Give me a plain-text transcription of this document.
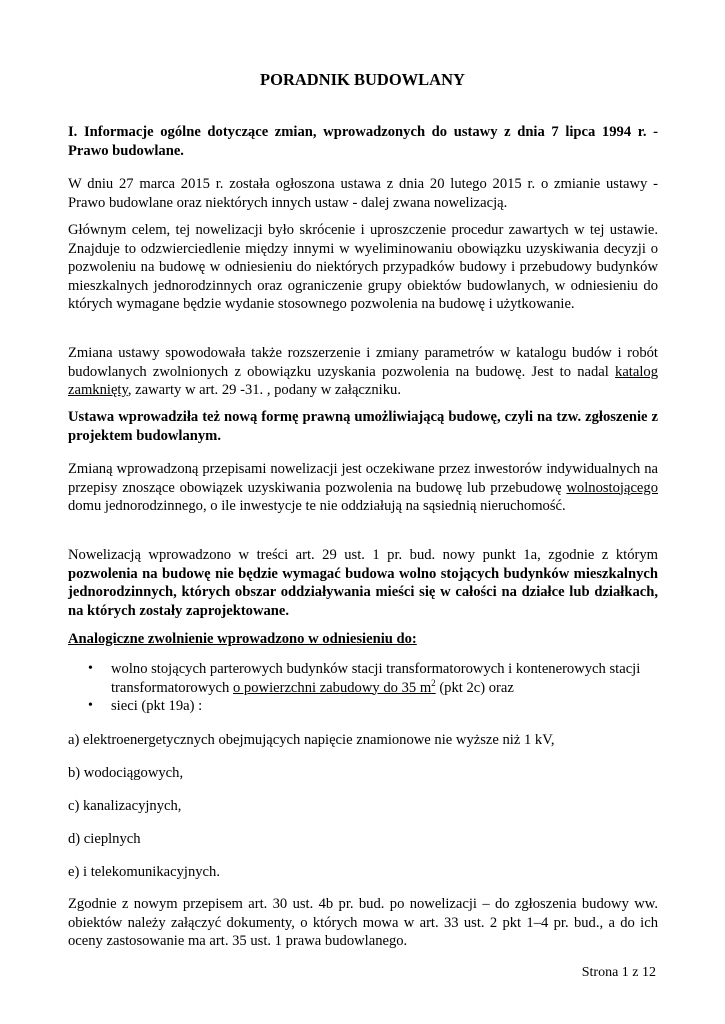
PORADNIK BUDOWLANY

I. Informacje ogólne dotyczące zmian, wprowadzonych do ustawy z dnia 7 lipca 1994 r. - Prawo budowlane.

W dniu 27 marca 2015 r. została ogłoszona ustawa z dnia 20 lutego 2015 r. o zmianie ustawy - Prawo budowlane oraz niektórych innych ustaw - dalej zwana nowelizacją.

Głównym celem, tej nowelizacji było skrócenie i uproszczenie procedur zawartych w tej ustawie. Znajduje to odzwierciedlenie między innymi w wyeliminowaniu obowiązku uzyskiwania decyzji o pozwoleniu na budowę w odniesieniu do niektórych przypadków budowy i przebudowy budynków mieszkalnych jednorodzinnych oraz ograniczenie grupy obiektów budowlanych, w odniesieniu do których wymagane będzie wydanie stosownego pozwolenia na budowę i użytkowanie.

Zmiana ustawy spowodowała także rozszerzenie i zmiany parametrów w katalogu budów i robót budowlanych zwolnionych z obowiązku uzyskania pozwolenia na budowę. Jest to nadal katalog zamknięty, zawarty w art. 29 -31. , podany w załączniku.

Ustawa wprowadziła też nową formę prawną umożliwiającą budowę, czyli na tzw. zgłoszenie z projektem budowlanym.

Zmianą wprowadzoną przepisami nowelizacji jest oczekiwane przez inwestorów indywidualnych na przepisy znoszące obowiązek uzyskiwania pozwolenia na budowę lub przebudowę wolnostojącego domu jednorodzinnego, o ile inwestycje te nie oddziałują na sąsiednią nieruchomość.

Nowelizacją wprowadzono w treści art. 29 ust. 1 pr. bud. nowy punkt 1a, zgodnie z którym pozwolenia na budowę nie będzie wymagać budowa wolno stojących budynków mieszkalnych jednorodzinnych, których obszar oddziaływania mieści się w całości na działce lub działkach, na których zostały zaprojektowane.

Analogiczne zwolnienie wprowadzono w odniesieniu do:

• wolno stojących parterowych budynków stacji transformatorowych i kontenerowych stacji transformatorowych o powierzchni zabudowy do 35 $m^2$ (pkt 2c) oraz
• sieci (pkt 19a) :

a) elektroenergetycznych obejmujących napięcie znamionowe nie wyższe niż 1 kV,

b) wodociągowych,

c) kanalizacyjnych,

d) cieplnych

e) i telekomunikacyjnych.

Zgodnie z nowym przepisem art. 30 ust. 4b pr. bud. po nowelizacji – do zgłoszenia budowy ww. obiektów należy załączyć dokumenty, o których mowa w art. 33 ust. 2 pkt 1–4 pr. bud., a do ich oceny zastosowanie ma art. 35 ust. 1 prawa budowlanego.

Strona 1 z 12
